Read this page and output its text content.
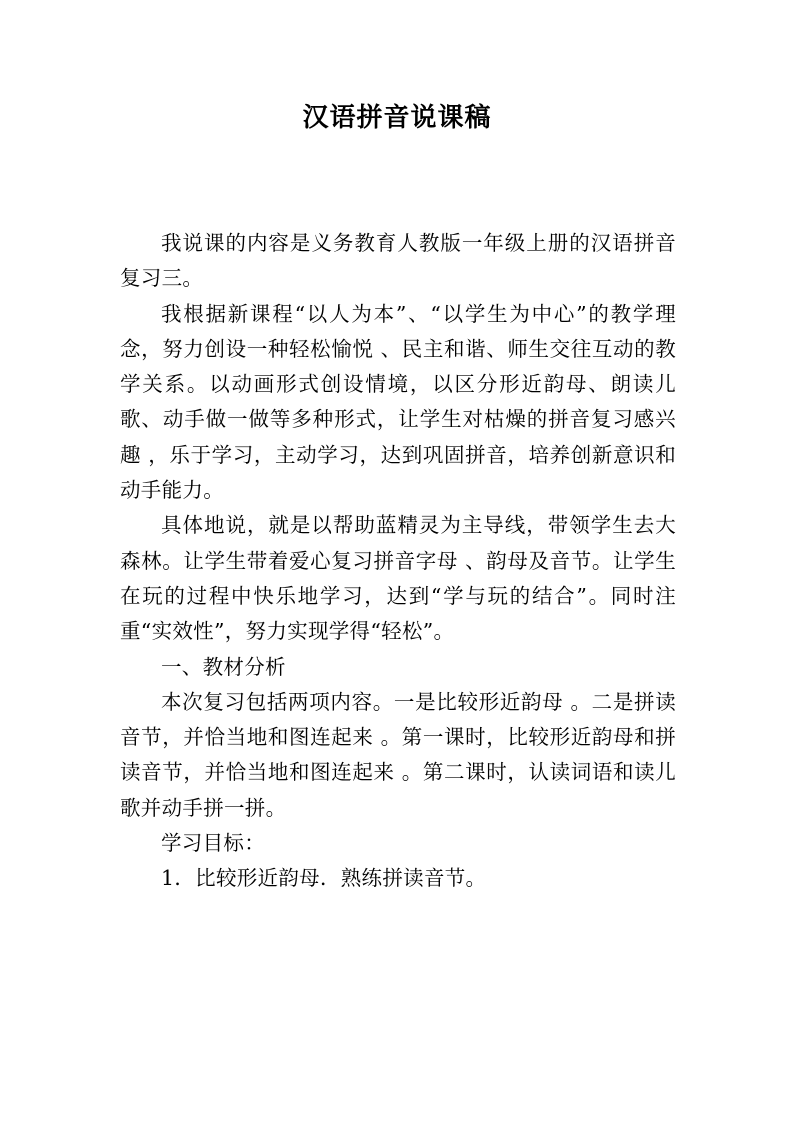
汉语拼音说课稿

我说课的内容是义务教育人教版一年级上册的汉语拼音复习三。

我根据新课程“以人为本”、“以学生为中心”的教学理念，努力创设一种轻松愉悦 、民主和谐、师生交往互动的教学关系。以动画形式创设情境，以区分形近韵母、朗读儿歌、动手做一做等多种形式，让学生对枯燥的拼音复习感兴趣 ，乐于学习，主动学习，达到巩固拼音，培养创新意识和动手能力。

具体地说，就是以帮助蓝精灵为主导线，带领学生去大森林。让学生带着爱心复习拼音字母 、韵母及音节。让学生在玩的过程中快乐地学习，达到“学与玩的结合”。同时注重“实效性”，努力实现学得“轻松”。

一、教材分析

本次复习包括两项内容。一是比较形近韵母 。二是拼读音节，并恰当地和图连起来 。第一课时，比较形近韵母和拼读音节，并恰当地和图连起来 。第二课时，认读词语和读儿歌并动手拼一拼。

学习目标：

1．比较形近韵母．熟练拼读音节。
